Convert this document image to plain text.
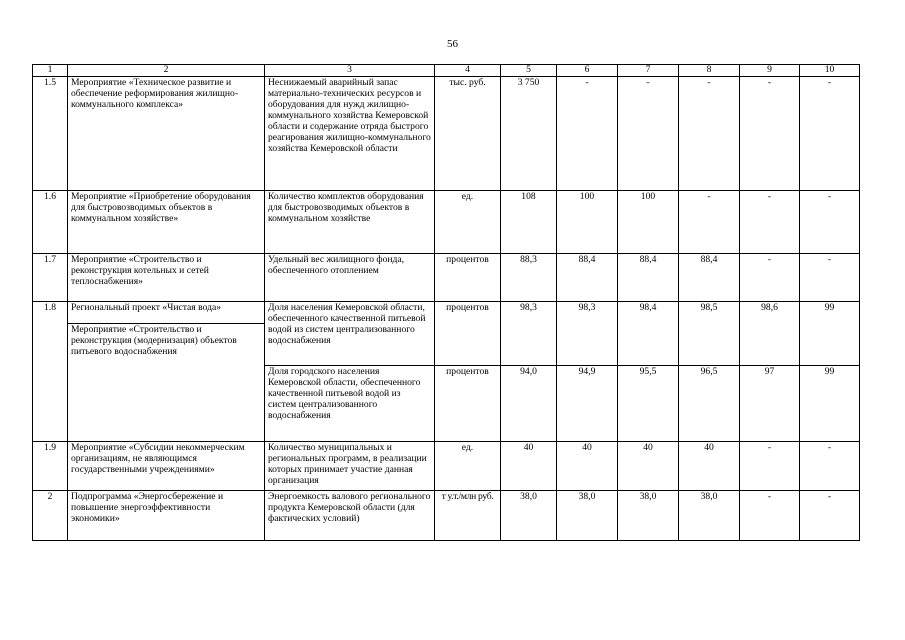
56
1	2	3	4	5	6	7	8	9	10
1.5	Мероприятие «Техническое развитие и обеспечение реформирования жилищно-коммунального комплекса»	Неснижаемый аварийный запас материально-технических ресурсов и оборудования для нужд жилищно-коммунального хозяйства Кемеровской области и содержание отряда быстрого реагирования жилищно-коммунального хозяйства Кемеровской области	тыс. руб.	3 750	-	-	-	-	-
1.6	Мероприятие «Приобретение оборудования для быстровозводимых объектов в коммунальном хозяйстве»	Количество комплектов оборудования для быстровозводимых объектов в коммунальном хозяйстве	ед.	108	100	100	-	-	-
1.7	Мероприятие «Строительство и реконструкция котельных и сетей теплоснабжения»	Удельный вес жилищного фонда, обеспеченного отоплением	процентов	88,3	88,4	88,4	88,4	-	-
1.8	Региональный проект «Чистая вода»	Доля населения Кемеровской области, обеспеченного качественной питьевой водой из систем централизованного водоснабжения	процентов	98,3	98,3	98,4	98,5	98,6	99
	Мероприятие «Строительство и реконструкция (модернизация) объектов питьевого водоснабжения								
		Доля городского населения Кемеровской области, обеспеченного качественной питьевой водой из систем централизованного водоснабжения	процентов	94,0	94,9	95,5	96,5	97	99
1.9	Мероприятие «Субсидии некоммерческим организациям, не являющимся государственными учреждениями»	Количество муниципальных и региональных программ, в реализации которых принимает участие данная организация	ед.	40	40	40	40	-	-
2	Подпрограмма «Энергосбережение и повышение энергоэффективности экономики»	Энергоемкость валового регионального продукта Кемеровской области (для фактических условий)	т у.т./млн руб.	38,0	38,0	38,0	38,0	-	-
